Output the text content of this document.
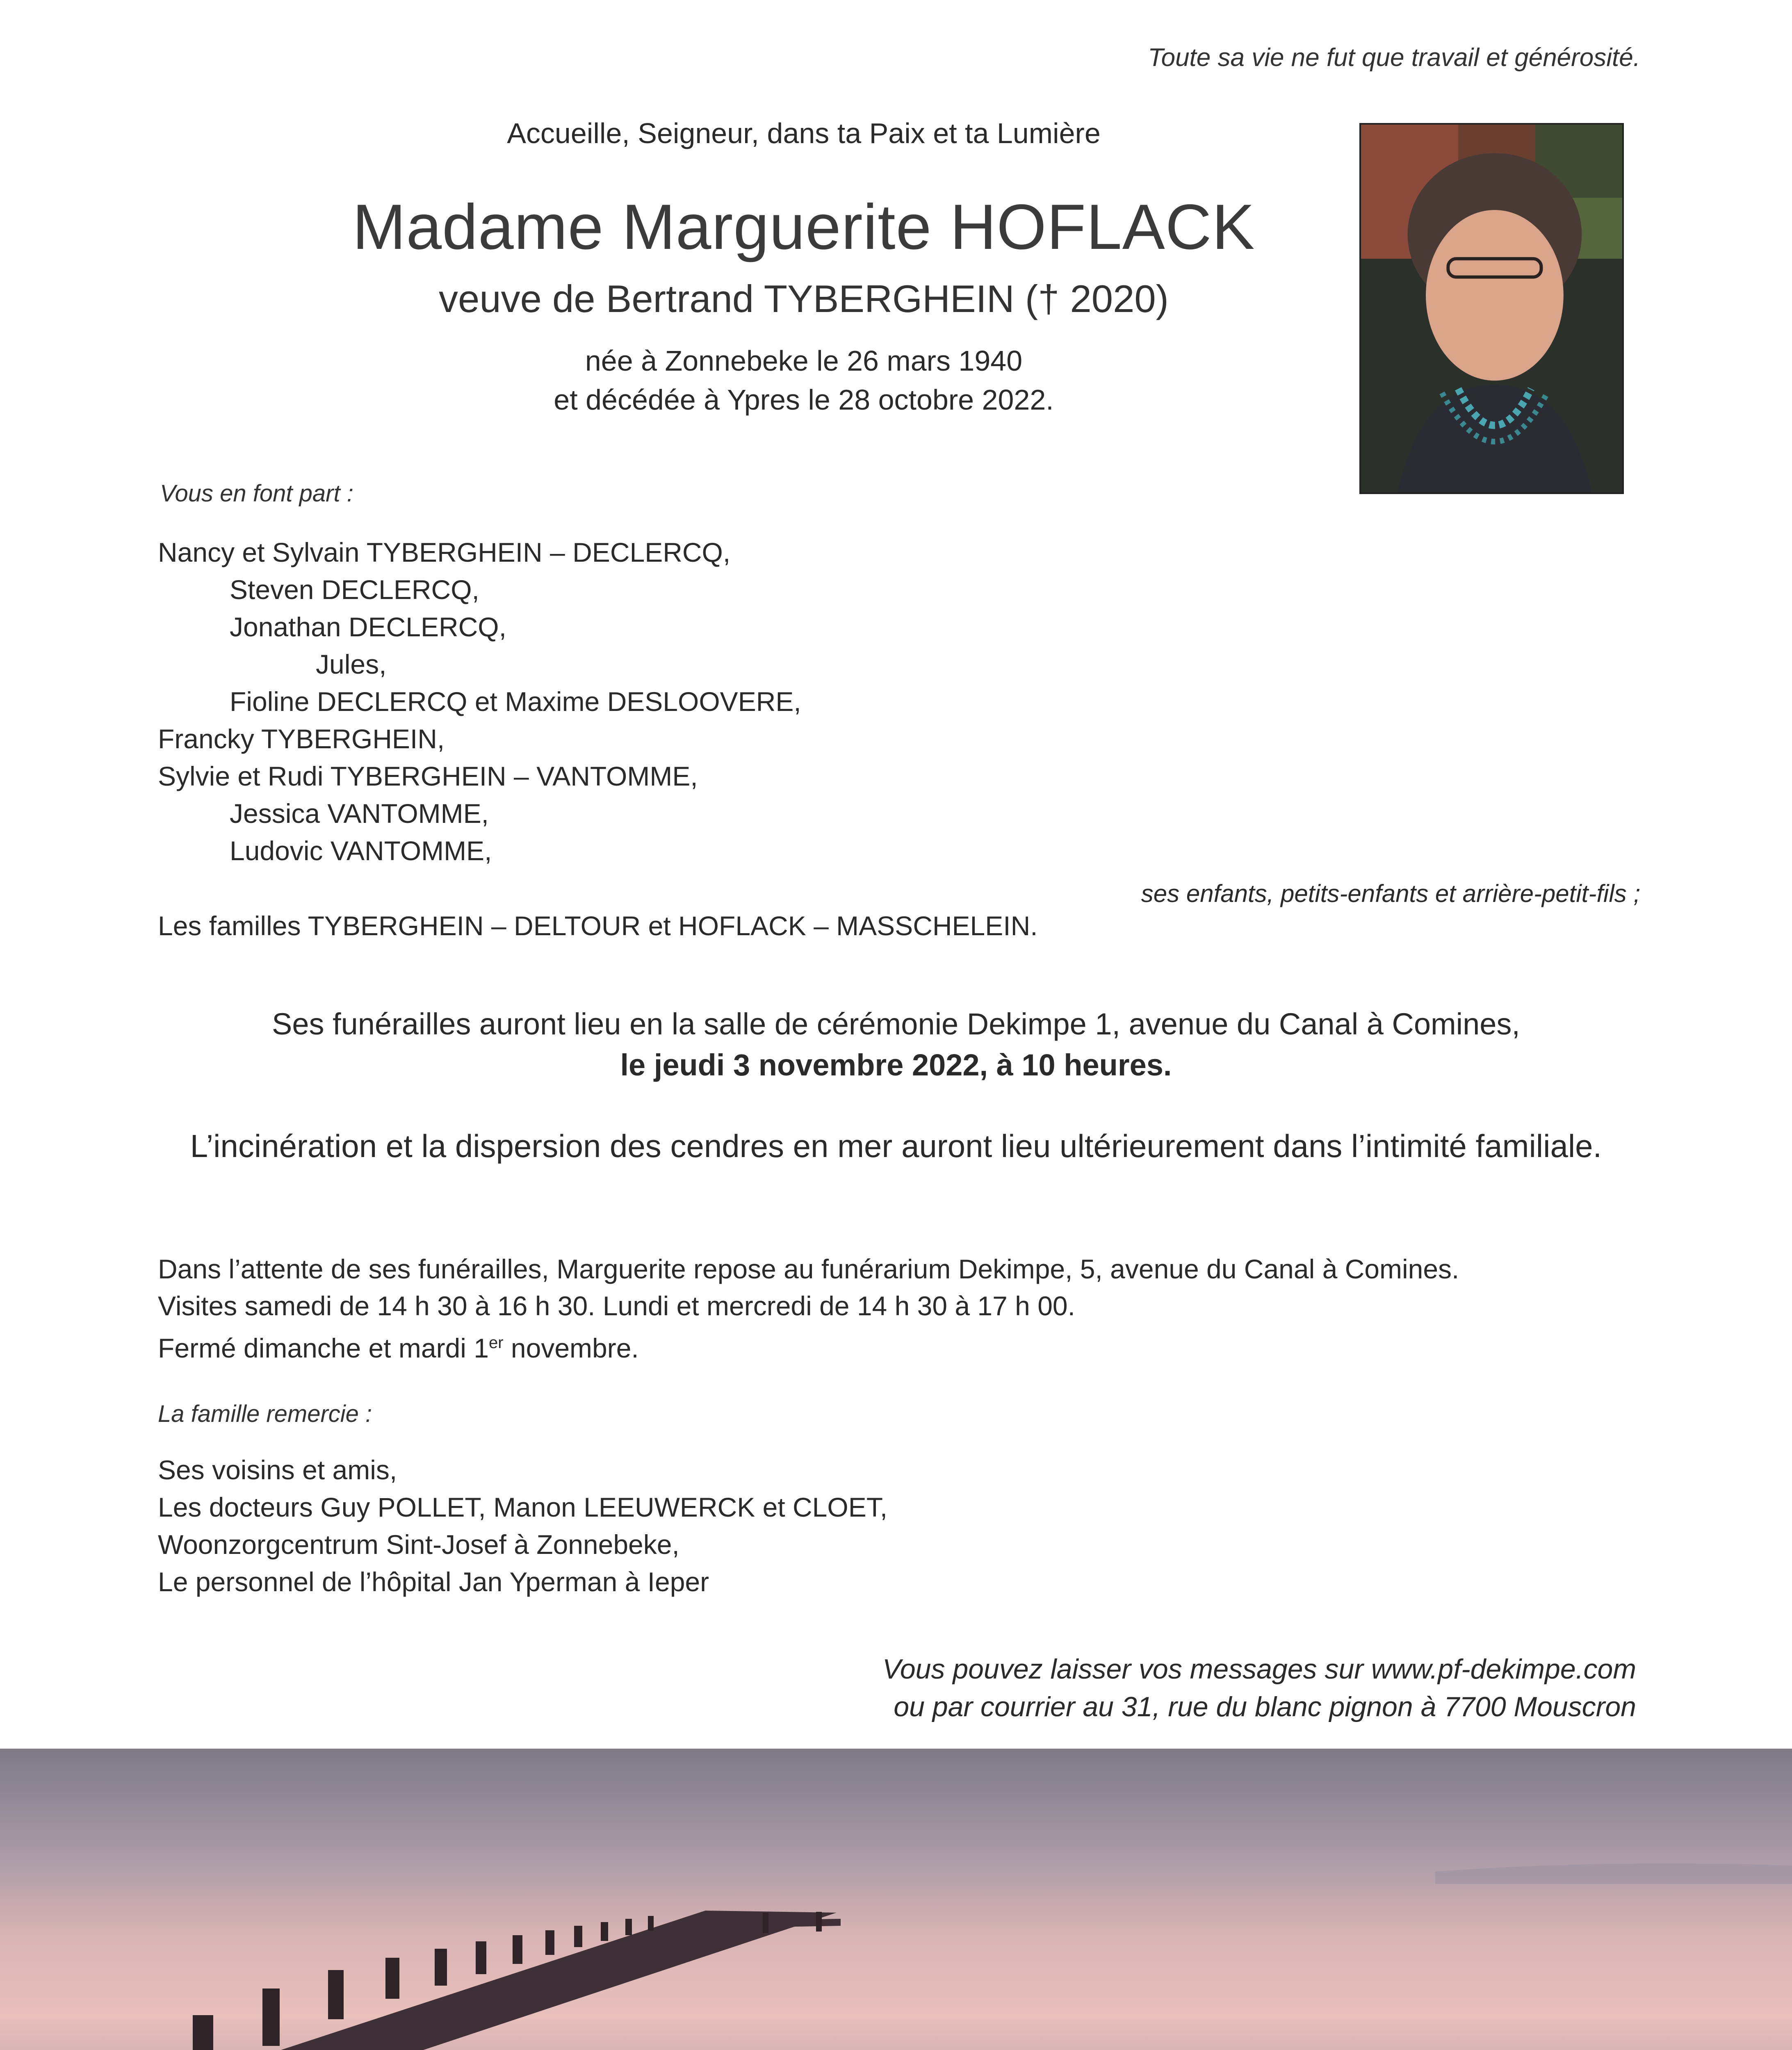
Toute sa vie ne fut que travail et générosité.
Accueille, Seigneur, dans ta Paix et ta Lumière
Madame Marguerite HOFLACK
veuve de Bertrand TYBERGHEIN († 2020)
née à Zonnebeke le 26 mars 1940
et décédée à Ypres le 28 octobre 2022.
Vous en font part :
Nancy et Sylvain TYBERGHEIN – DECLERCQ,
Steven DECLERCQ,
Jonathan DECLERCQ,
Jules,
Fioline DECLERCQ et Maxime DESLOOVERE,
Francky TYBERGHEIN,
Sylvie et Rudi TYBERGHEIN – VANTOMME,
Jessica VANTOMME,
Ludovic VANTOMME,
ses enfants, petits-enfants et arrière-petit-fils ;
Les familles TYBERGHEIN – DELTOUR et HOFLACK – MASSCHELEIN.
Ses funérailles auront lieu en la salle de cérémonie Dekimpe 1, avenue du Canal à Comines,
le jeudi 3 novembre 2022, à 10 heures.
L’incinération et la dispersion des cendres en mer auront lieu ultérieurement dans l’intimité familiale.
Dans l’attente de ses funérailles, Marguerite repose au funérarium Dekimpe, 5, avenue du Canal à Comines.
Visites samedi de 14 h 30 à 16 h 30. Lundi et mercredi de 14 h 30 à 17 h 00.
Fermé dimanche et mardi 1er novembre.
La famille remercie :
Ses voisins et amis,
Les docteurs Guy POLLET, Manon LEEUWERCK et CLOET,
Woonzorgcentrum Sint-Josef à Zonnebeke,
Le personnel de l’hôpital Jan Yperman à Ieper
Vous pouvez laisser vos messages sur www.pf-dekimpe.com
ou par courrier au 31, rue du blanc pignon à 7700 Mouscron
